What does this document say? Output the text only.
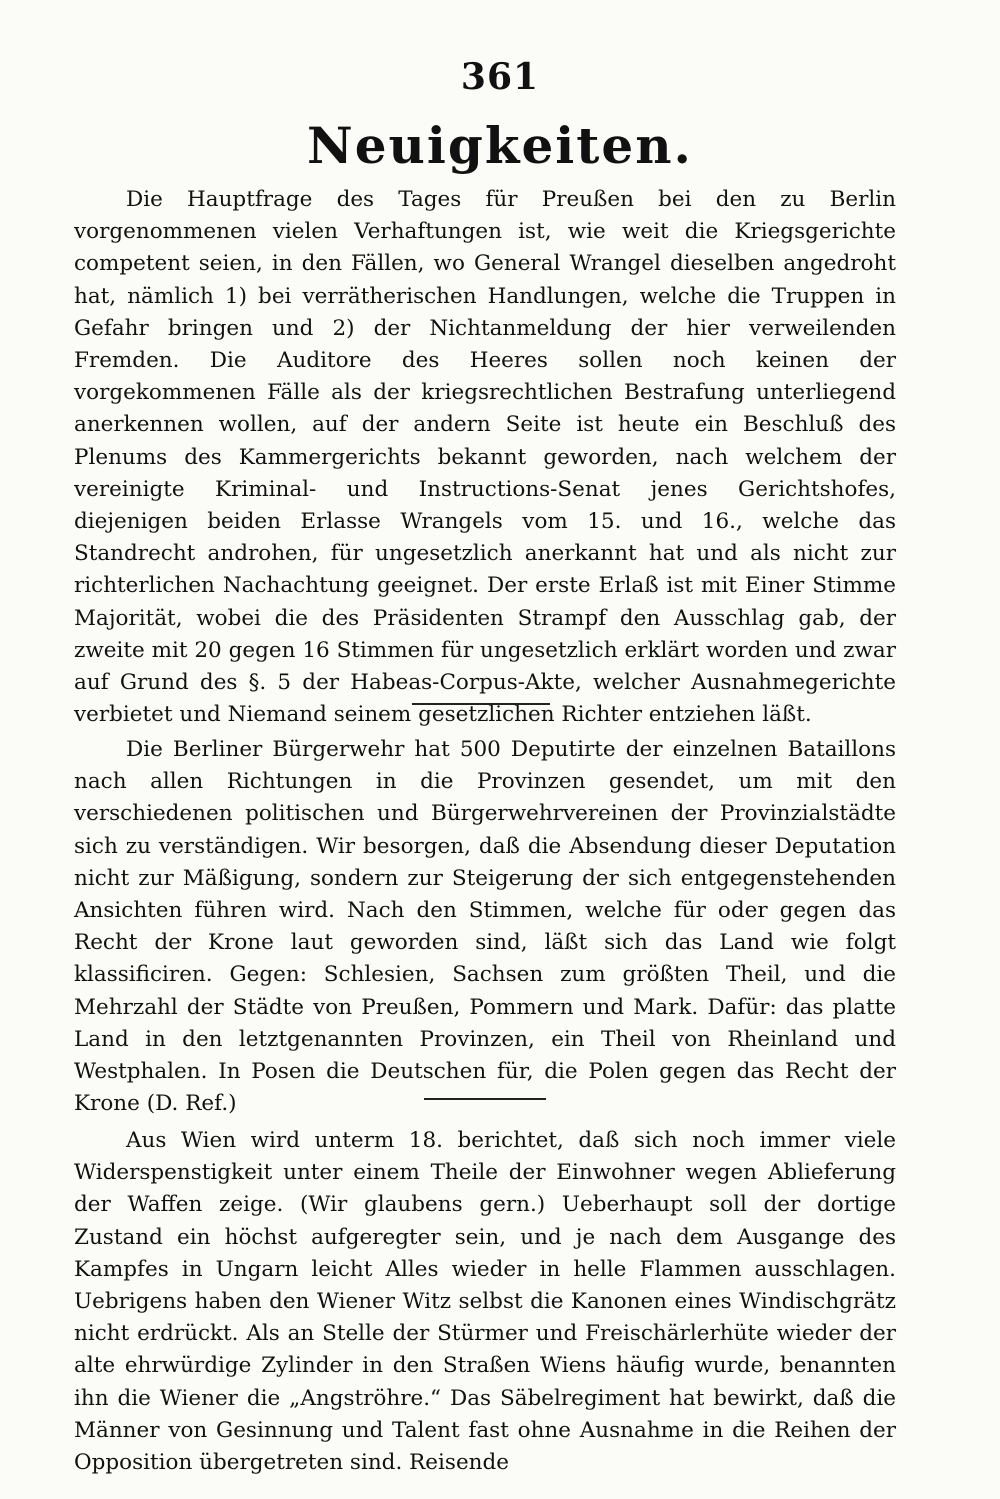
361
Neuigkeiten.

Die Hauptfrage des Tages für Preußen bei den zu Berlin vorgenommenen vielen Verhaftungen ist, wie weit die Kriegsgerichte competent seien, in den Fällen, wo General Wrangel dieselben angedroht hat, nämlich 1) bei verrätherischen Handlungen, welche die Truppen in Gefahr bringen und 2) der Nichtanmeldung der hier verweilenden Fremden. Die Auditore des Heeres sollen noch keinen der vorgekommenen Fälle als der kriegsrechtlichen Bestrafung unterliegend anerkennen wollen, auf der andern Seite ist heute ein Beschluß des Plenums des Kammergerichts bekannt geworden, nach welchem der vereinigte Kriminal- und Instructions-Senat jenes Gerichtshofes, diejenigen beiden Erlasse Wrangels vom 15. und 16., welche das Standrecht androhen, für ungesetzlich anerkannt hat und als nicht zur richterlichen Nachachtung geeignet. Der erste Erlaß ist mit Einer Stimme Majorität, wobei die des Präsidenten Strampf den Ausschlag gab, der zweite mit 20 gegen 16 Stimmen für ungesetzlich erklärt worden und zwar auf Grund des §. 5 der Habeas-Corpus-Akte, welcher Ausnahmegerichte verbietet und Niemand seinem gesetzlichen Richter entziehen läßt.

Die Berliner Bürgerwehr hat 500 Deputirte der einzelnen Bataillons nach allen Richtungen in die Provinzen gesendet, um mit den verschiedenen politischen und Bürgerwehrvereinen der Provinzialstädte sich zu verständigen. Wir besorgen, daß die Absendung dieser Deputation nicht zur Mäßigung, sondern zur Steigerung der sich entgegenstehenden Ansichten führen wird. Nach den Stimmen, welche für oder gegen das Recht der Krone laut geworden sind, läßt sich das Land wie folgt klassificiren. Gegen: Schlesien, Sachsen zum größten Theil, und die Mehrzahl der Städte von Preußen, Pommern und Mark. Dafür: das platte Land in den letztgenannten Provinzen, ein Theil von Rheinland und Westphalen. In Posen die Deutschen für, die Polen gegen das Recht der Krone (D. Ref.)

Aus Wien wird unterm 18. berichtet, daß sich noch immer viele Widerspenstigkeit unter einem Theile der Einwohner wegen Ablieferung der Waffen zeige. (Wir glaubens gern.) Ueberhaupt soll der dortige Zustand ein höchst aufgeregter sein, und je nach dem Ausgange des Kampfes in Ungarn leicht Alles wieder in helle Flammen ausschlagen. Uebrigens haben den Wiener Witz selbst die Kanonen eines Windischgrätz nicht erdrückt. Als an Stelle der Stürmer und Freischärlerhüte wieder der alte ehrwürdige Zylinder in den Straßen Wiens häufig wurde, benannten ihn die Wiener die „Angströhre.“ Das Säbelregiment hat bewirkt, daß die Männer von Gesinnung und Talent fast ohne Ausnahme in die Reihen der Opposition übergetreten sind. Reisende
